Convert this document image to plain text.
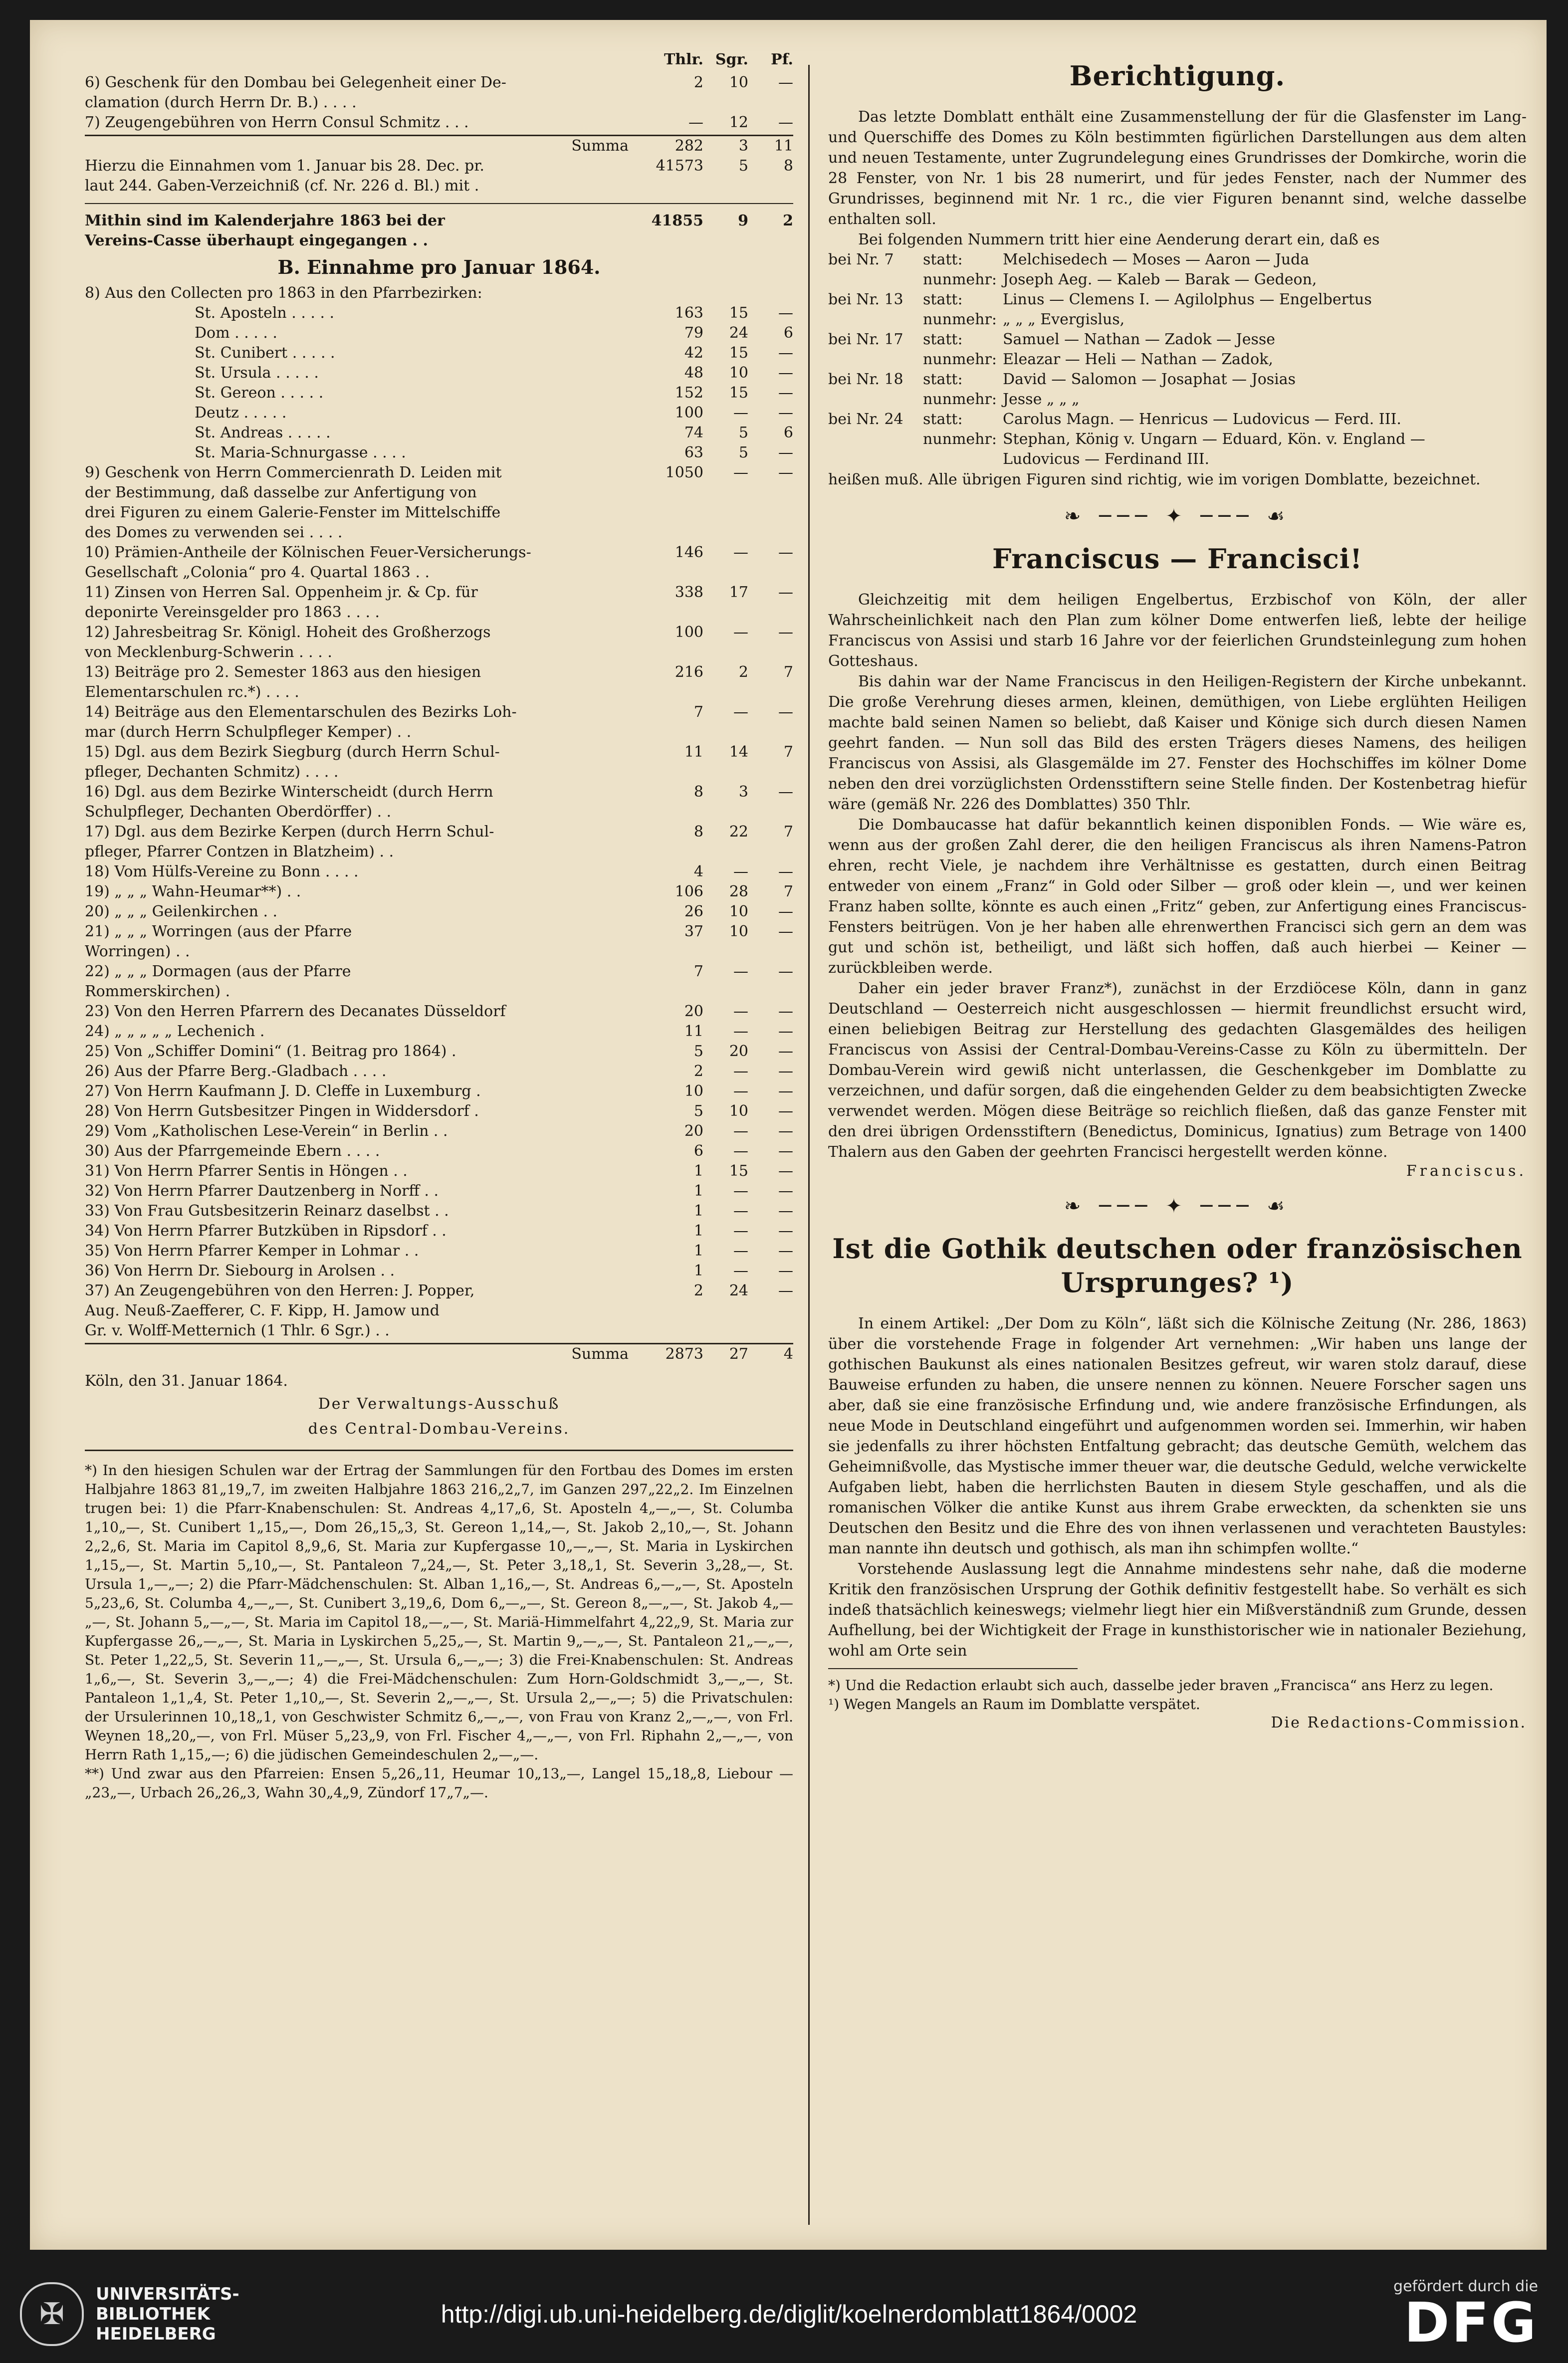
Thlr. Sgr.	Pf.
6) Geschenk für den Dombau bei Gelegenheit einer De-
clamation (durch Herrn Dr. B.) . . . .
2	10	—
7) Zeugengebühren von Herrn Consul Schmitz . . .	—	12	—
Summa	282	3	11
Hierzu die Einnahmen vom 1. Januar bis 28. Dec. pr.
laut 244. Gaben-Verzeichniß (cf. Nr. 226 d. Bl.) mit .
41573	5	8
Mithin sind im Kalenderjahre 1863 bei der
Vereins-Casse überhaupt eingegangen . .
41855	9	2
B. Einnahme pro Januar 1864.
8) Aus den Collecten pro 1863 in den Pfarrbezirken:
St. Aposteln . . . . .	163	15	—
Dom . . . . .	79	24	6
St. Cunibert . . . . .	42	15	—
St. Ursula . . . . .	48	10	—
St. Gereon . . . . .	152	15	—
Deutz . . . . .	100	—	—
St. Andreas . . . . .	74	5	6
St. Maria-Schnurgasse . . . .	63	5	—
9) Geschenk von Herrn Commercienrath D. Leiden mit
der Bestimmung, daß dasselbe zur Anfertigung von
drei Figuren zu einem Galerie-Fenster im Mittelschiffe
des Domes zu verwenden sei . . . .
1050	—	—
10) Prämien-Antheile der Kölnischen Feuer-Versicherungs-
Gesellschaft „Colonia“ pro 4. Quartal 1863 . .
146	—	—
11) Zinsen von Herren Sal. Oppenheim jr. & Cp. für
deponirte Vereinsgelder pro 1863 . . . .
338	17	—
12) Jahresbeitrag Sr. Königl. Hoheit des Großherzogs
von Mecklenburg-Schwerin . . . .
100	—	—
13) Beiträge pro 2. Semester 1863 aus den hiesigen
Elementarschulen rc.*) . . . .
216	2	7
14) Beiträge aus den Elementarschulen des Bezirks Loh-
mar (durch Herrn Schulpfleger Kemper) . .
7	—	—
15) Dgl. aus dem Bezirk Siegburg (durch Herrn Schul-
pfleger, Dechanten Schmitz) . . . .
11	14	7
16) Dgl. aus dem Bezirke Winterscheidt (durch Herrn
Schulpfleger, Dechanten Oberdörffer) . .
8	3	—
17) Dgl. aus dem Bezirke Kerpen (durch Herrn Schul-
pfleger, Pfarrer Contzen in Blatzheim) . .
8	22	7
18) Vom Hülfs-Vereine zu Bonn . . . .	4	—	—
19) „ „ „ Wahn-Heumar**) . .	106	28	7
20) „ „ „ Geilenkirchen . .	26	10	—
21) „ „ „ Worringen (aus der Pfarre
Worringen) . .
37	10	—
22) „ „ „ Dormagen (aus der Pfarre
Rommerskirchen) .
7	—	—
23) Von den Herren Pfarrern des Decanates Düsseldorf	20	—	—
24) „ „ „ „ „ Lechenich .	11	—	—
25) Von „Schiffer Domini“ (1. Beitrag pro 1864) .	5	20	—
26) Aus der Pfarre Berg.-Gladbach . . . .	2	—	—
27) Von Herrn Kaufmann J. D. Cleffe in Luxemburg .	10	—	—
28) Von Herrn Gutsbesitzer Pingen in Widdersdorf .	5	10	—
29) Vom „Katholischen Lese-Verein“ in Berlin . .	20	—	—
30) Aus der Pfarrgemeinde Ebern . . . .	6	—	—
31) Von Herrn Pfarrer Sentis in Höngen . .	1	15	—
32) Von Herrn Pfarrer Dautzenberg in Norff . .	1	—	—
33) Von Frau Gutsbesitzerin Reinarz daselbst . .	1	—	—
34) Von Herrn Pfarrer Butzküben in Ripsdorf . .	1	—	—
35) Von Herrn Pfarrer Kemper in Lohmar . .	1	—	—
36) Von Herrn Dr. Siebourg in Arolsen . .	1	—	—
37) An Zeugengebühren von den Herren: J. Popper,
Aug. Neuß-Zaefferer, C. F. Kipp, H. Jamow und
Gr. v. Wolff-Metternich (1 Thlr. 6 Sgr.) . .
2	24	—
Summa	2873	27	4
Köln, den 31. Januar 1864.
Der Verwaltungs-Ausschuß
des Central-Dombau-Vereins.

*) In den hiesigen Schulen war der Ertrag der Sammlungen für den Fortbau des Domes im ersten Halbjahre 1863 81„19„7, im zweiten Halbjahre 1863 216„2„7, im Ganzen 297„22„2. Im Einzelnen trugen bei: 1) die Pfarr-Knabenschulen: St. Andreas 4„17„6, St. Aposteln 4„—„—, St. Columba 1„10„—, St. Cunibert 1„15„—, Dom 26„15„3, St. Gereon 1„14„—, St. Jakob 2„10„—, St. Johann 2„2„6, St. Maria im Capitol 8„9„6, St. Maria zur Kupfergasse 10„—„—, St. Maria in Lyskirchen 1„15„—, St. Martin 5„10„—, St. Pantaleon 7„24„—, St. Peter 3„18„1, St. Severin 3„28„—, St. Ursula 1„—„—; 2) die Pfarr-Mädchenschulen: St. Alban 1„16„—, St. Andreas 6„—„—, St. Aposteln 5„23„6, St. Columba 4„—„—, St. Cunibert 3„19„6, Dom 6„—„—, St. Gereon 8„—„—, St. Jakob 4„—„—, St. Johann 5„—„—, St. Maria im Capitol 18„—„—, St. Mariä-Himmelfahrt 4„22„9, St. Maria zur Kupfergasse 26„—„—, St. Maria in Lyskirchen 5„25„—, St. Martin 9„—„—, St. Pantaleon 21„—„—, St. Peter 1„22„5, St. Severin 11„—„—, St. Ursula 6„—„—; 3) die Frei-Knabenschulen: St. Andreas 1„6„—, St. Severin 3„—„—; 4) die Frei-Mädchenschulen: Zum Horn-Goldschmidt 3„—„—, St. Pantaleon 1„1„4, St. Peter 1„10„—, St. Severin 2„—„—, St. Ursula 2„—„—; 5) die Privatschulen: der Ursulerinnen 10„18„1, von Geschwister Schmitz 6„—„—, von Frau von Kranz 2„—„—, von Frl. Weynen 18„20„—, von Frl. Müser 5„23„9, von Frl. Fischer 4„—„—, von Frl. Riphahn 2„—„—, von Herrn Rath 1„15„—; 6) die jüdischen Gemeindeschulen 2„—„—.

**) Und zwar aus den Pfarreien: Ensen 5„26„11, Heumar 10„13„—, Langel 15„18„8, Liebour —„23„—, Urbach 26„26„3, Wahn 30„4„9, Zündorf 17„7„—.

Berichtigung.

Das letzte Domblatt enthält eine Zusammenstellung der für die Glasfenster im Lang- und Querschiffe des Domes zu Köln bestimmten figürlichen Darstellungen aus dem alten und neuen Testamente, unter Zugrundelegung eines Grundrisses der Domkirche, worin die 28 Fenster, von Nr. 1 bis 28 numerirt, und für jedes Fenster, nach der Nummer des Grundrisses, beginnend mit Nr. 1 rc., die vier Figuren benannt sind, welche dasselbe enthalten soll.

Bei folgenden Nummern tritt hier eine Aenderung derart ein, daß es

bei Nr. 7	statt:	Melchisedech — Moses — Aaron — Juda
nunmehr: Joseph Aeg. — Kaleb — Barak — Gedeon,
bei Nr. 13	statt:	Linus — Clemens I. — Agilolphus — Engelbertus
nunmehr: „ „ „ Evergislus,
bei Nr. 17	statt:	Samuel — Nathan — Zadok — Jesse
nunmehr: Eleazar — Heli — Nathan — Zadok,
bei Nr. 18	statt:	David — Salomon — Josaphat — Josias
nunmehr: Jesse „ „ „
bei Nr. 24	statt:	Carolus Magn. — Henricus — Ludovicus — Ferd. III.
nunmehr: Stephan, König v. Ungarn — Eduard, Kön. v. England —
Ludovicus — Ferdinand III.

heißen muß. Alle übrigen Figuren sind richtig, wie im vorigen Domblatte, bezeichnet.

❧ ─── ✦ ─── ☙
Franciscus — Francisci!

Gleichzeitig mit dem heiligen Engelbertus, Erzbischof von Köln, der aller Wahrscheinlichkeit nach den Plan zum kölner Dome entwerfen ließ, lebte der heilige Franciscus von Assisi und starb 16 Jahre vor der feierlichen Grundsteinlegung zum hohen Gotteshaus.

Bis dahin war der Name Franciscus in den Heiligen-Registern der Kirche unbekannt. Die große Verehrung dieses armen, kleinen, demüthigen, von Liebe erglühten Heiligen machte bald seinen Namen so beliebt, daß Kaiser und Könige sich durch diesen Namen geehrt fanden. — Nun soll das Bild des ersten Trägers dieses Namens, des heiligen Franciscus von Assisi, als Glasgemälde im 27. Fenster des Hochschiffes im kölner Dome neben den drei vorzüglichsten Ordensstiftern seine Stelle finden. Der Kostenbetrag hiefür wäre (gemäß Nr. 226 des Domblattes) 350 Thlr.

Die Dombaucasse hat dafür bekanntlich keinen disponiblen Fonds. — Wie wäre es, wenn aus der großen Zahl derer, die den heiligen Franciscus als ihren Namens-Patron ehren, recht Viele, je nachdem ihre Verhältnisse es gestatten, durch einen Beitrag entweder von einem „Franz“ in Gold oder Silber — groß oder klein —, und wer keinen Franz haben sollte, könnte es auch einen „Fritz“ geben, zur Anfertigung eines Franciscus-Fensters beitrügen. Von je her haben alle ehrenwerthen Francisci sich gern an dem was gut und schön ist, betheiligt, und läßt sich hoffen, daß auch hierbei — Keiner — zurückbleiben werde.

Daher ein jeder braver Franz*), zunächst in der Erzdiöcese Köln, dann in ganz Deutschland — Oesterreich nicht ausgeschlossen — hiermit freundlichst ersucht wird, einen beliebigen Beitrag zur Herstellung des gedachten Glasgemäldes des heiligen Franciscus von Assisi der Central-Dombau-Vereins-Casse zu Köln zu übermitteln. Der Dombau-Verein wird gewiß nicht unterlassen, die Geschenkgeber im Domblatte zu verzeichnen, und dafür sorgen, daß die eingehenden Gelder zu dem beabsichtigten Zwecke verwendet werden. Mögen diese Beiträge so reichlich fließen, daß das ganze Fenster mit den drei übrigen Ordensstiftern (Benedictus, Dominicus, Ignatius) zum Betrage von 1400 Thalern aus den Gaben der geehrten Francisci hergestellt werden könne.

Franciscus.
❧ ─── ✦ ─── ☙
Ist die Gothik deutschen oder französischen
Ursprunges? ¹)

In einem Artikel: „Der Dom zu Köln“, läßt sich die Kölnische Zeitung (Nr. 286, 1863) über die vorstehende Frage in folgender Art vernehmen: „Wir haben uns lange der gothischen Baukunst als eines nationalen Besitzes gefreut, wir waren stolz darauf, diese Bauweise erfunden zu haben, die unsere nennen zu können. Neuere Forscher sagen uns aber, daß sie eine französische Erfindung und, wie andere französische Erfindungen, als neue Mode in Deutschland eingeführt und aufgenommen worden sei. Immerhin, wir haben sie jedenfalls zu ihrer höchsten Entfaltung gebracht; das deutsche Gemüth, welchem das Geheimnißvolle, das Mystische immer theuer war, die deutsche Geduld, welche verwickelte Aufgaben liebt, haben die herrlichsten Bauten in diesem Style geschaffen, und als die romanischen Völker die antike Kunst aus ihrem Grabe erweckten, da schenkten sie uns Deutschen den Besitz und die Ehre des von ihnen verlassenen und verachteten Baustyles: man nannte ihn deutsch und gothisch, als man ihn schimpfen wollte.“

Vorstehende Auslassung legt die Annahme mindestens sehr nahe, daß die moderne Kritik den französischen Ursprung der Gothik definitiv festgestellt habe. So verhält es sich indeß thatsächlich keineswegs; vielmehr liegt hier ein Mißverständniß zum Grunde, dessen Aufhellung, bei der Wichtigkeit der Frage in kunsthistorischer wie in nationaler Beziehung, wohl am Orte sein

*) Und die Redaction erlaubt sich auch, dasselbe jeder braven „Francisca“ ans Herz zu legen.

¹) Wegen Mangels an Raum im Domblatte verspätet.

Die Redactions-Commission.
✠
UNIVERSITÄTS-
BIBLIOTHEK
HEIDELBERG
http://digi.ub.uni-heidelberg.de/diglit/koelnerdomblatt1864/0002
gefördert durch die
DFG
